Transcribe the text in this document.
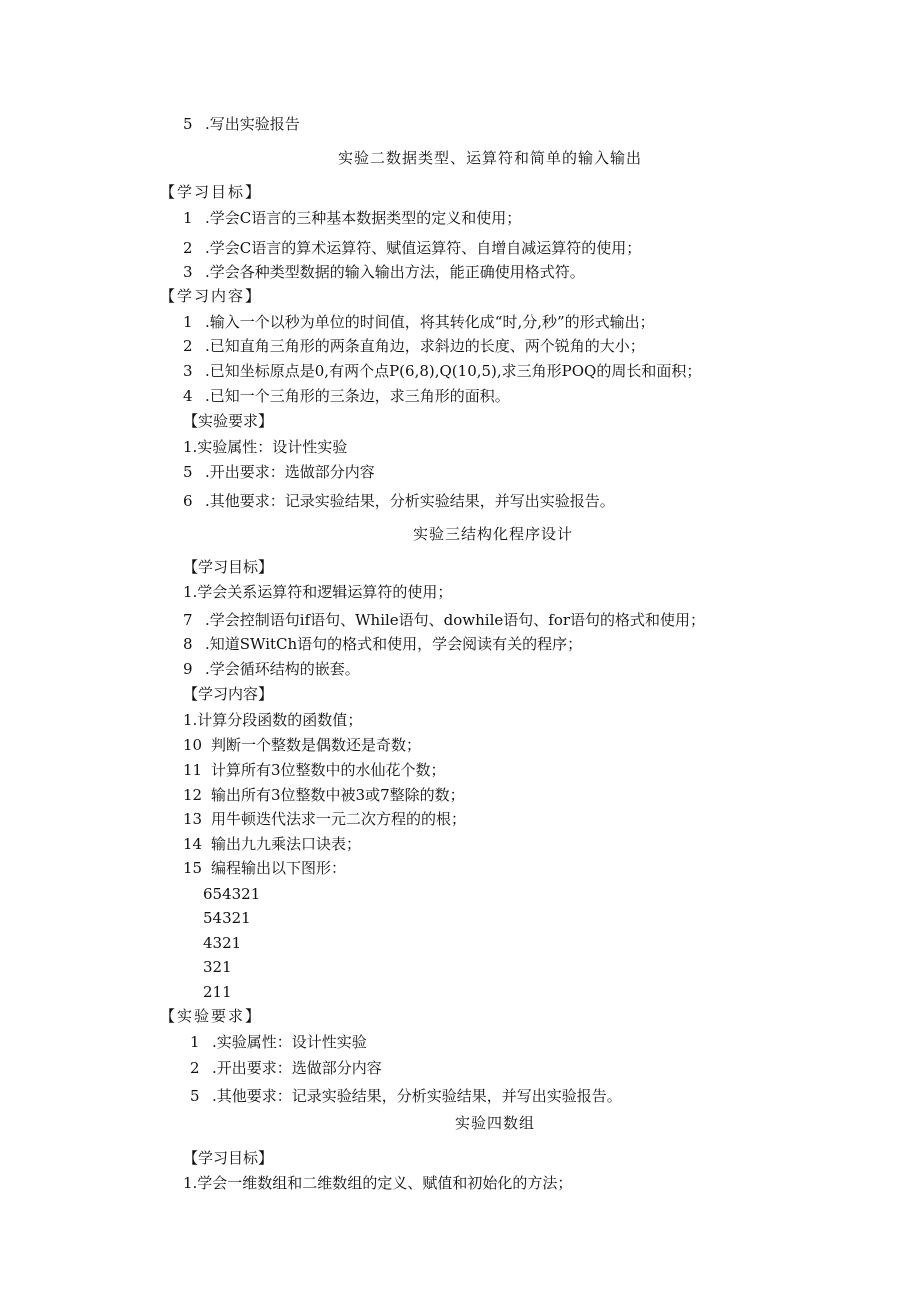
5 .写出实验报告
实验二数据类型、运算符和简单的输入输出
【学习目标】
1 .学会C语言的三种基本数据类型的定义和使用；
2 .学会C语言的算术运算符、赋值运算符、自增自减运算符的使用；
3 .学会各种类型数据的输入输出方法，能正确使用格式符。
【学习内容】
1 .输入一个以秒为单位的时间值，将其转化成“时,分,秒”的形式输出；
2 .已知直角三角形的两条直角边，求斜边的长度、两个锐角的大小；
3 .已知坐标原点是0,有两个点P(6,8),Q(10,5),求三角形POQ的周长和面积；
4 .已知一个三角形的三条边，求三角形的面积。
【实验要求】
1.实验属性：设计性实验
5 .开出要求：选做部分内容
6 .其他要求：记录实验结果，分析实验结果，并写出实验报告。
实验三结构化程序设计
【学习目标】
1.学会关系运算符和逻辑运算符的使用；
7 .学会控制语句if语句、While语句、dowhile语句、for语句的格式和使用；
8 .知道SWitCh语句的格式和使用，学会阅读有关的程序；
9 .学会循环结构的嵌套。
【学习内容】
1.计算分段函数的函数值；
10 判断一个整数是偶数还是奇数；
11 计算所有3位整数中的水仙花个数；
12 输出所有3位整数中被3或7整除的数；
13 用牛顿迭代法求一元二次方程的的根；
14 输出九九乘法口诀表；
15 编程输出以下图形：
654321
54321
4321
321
211
【实验要求】
1 .实验属性：设计性实验
2 .开出要求：选做部分内容
5 .其他要求：记录实验结果，分析实验结果，并写出实验报告。
实验四数组
【学习目标】
1.学会一维数组和二维数组的定义、赋值和初始化的方法；
